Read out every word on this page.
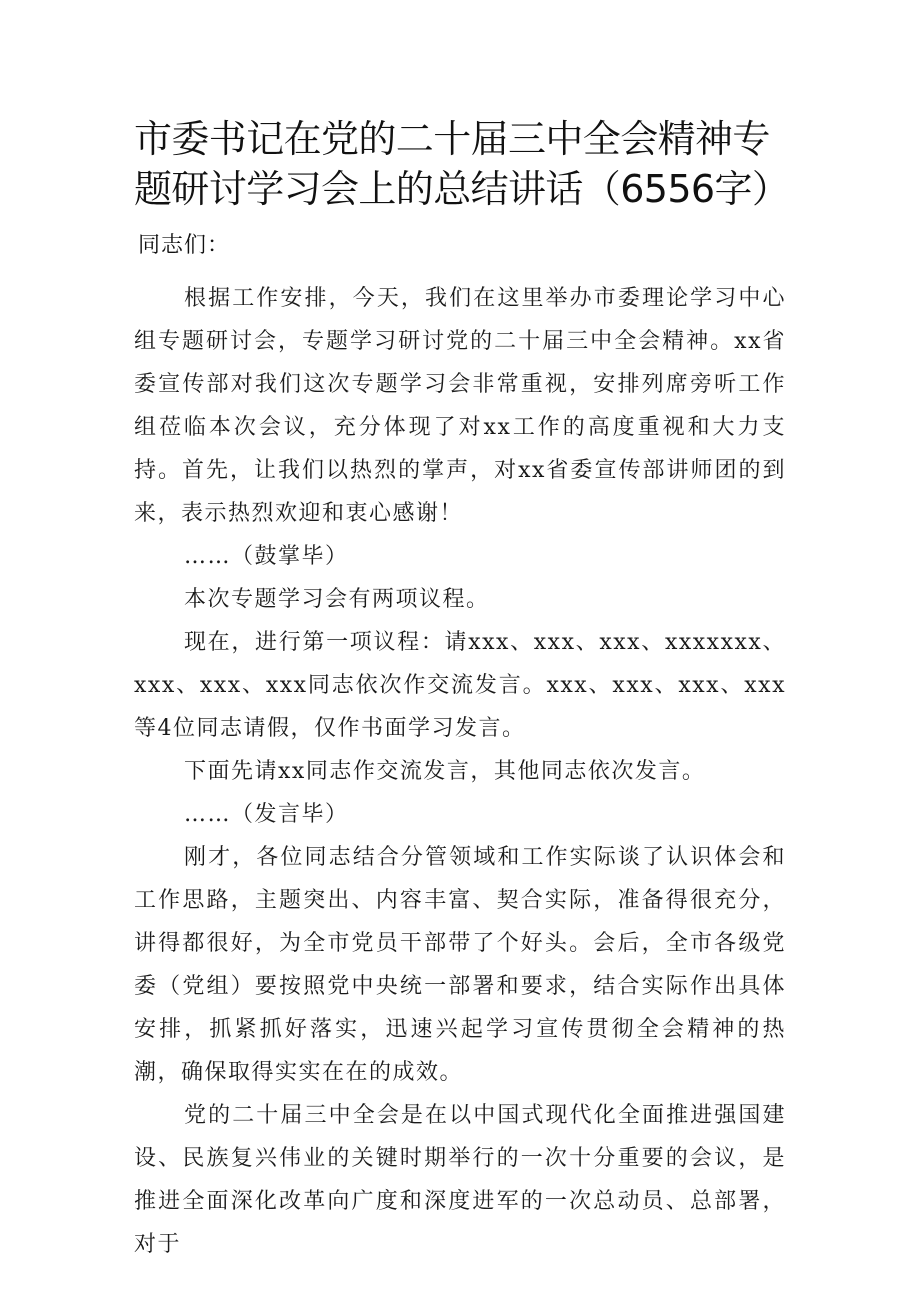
市委书记在党的二十届三中全会精神专题研讨学习会上的总结讲话（6556字）同志们：

根据工作安排，今天，我们在这里举办市委理论学习中心组专题研讨会，专题学习研讨党的二十届三中全会精神。xx省委宣传部对我们这次专题学习会非常重视，安排列席旁听工作组莅临本次会议，充分体现了对xx工作的高度重视和大力支持。首先，让我们以热烈的掌声，对xx省委宣传部讲师团的到来，表示热烈欢迎和衷心感谢！

……（鼓掌毕）

本次专题学习会有两项议程。

现在，进行第一项议程：请xxx、xxx、xxx、xxxxxxx、xxx、xxx、xxx同志依次作交流发言。xxx、xxx、xxx、xxx等4位同志请假，仅作书面学习发言。

下面先请xx同志作交流发言，其他同志依次发言。

……（发言毕）

刚才，各位同志结合分管领域和工作实际谈了认识体会和工作思路，主题突出、内容丰富、契合实际，准备得很充分，讲得都很好，为全市党员干部带了个好头。会后，全市各级党委（党组）要按照党中央统一部署和要求，结合实际作出具体安排，抓紧抓好落实，迅速兴起学习宣传贯彻全会精神的热潮，确保取得实实在在的成效。

党的二十届三中全会是在以中国式现代化全面推进强国建设、民族复兴伟业的关键时期举行的一次十分重要的会议，是推进全面深化改革向广度和深度进军的一次总动员、总部署，对于
